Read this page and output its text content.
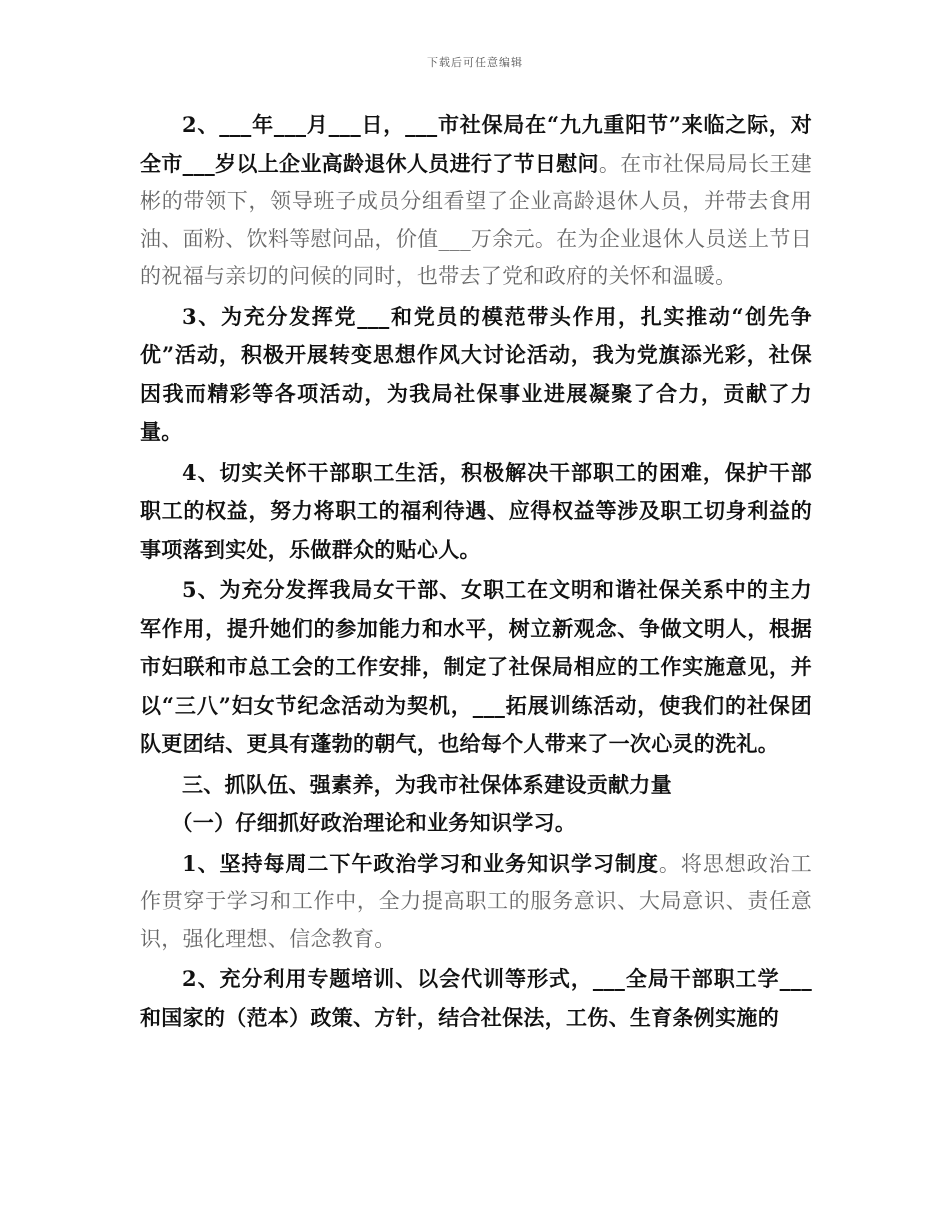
下载后可任意编辑

2、___年___月___日，___市社保局在“九九重阳节”来临之际，对全市___岁以上企业高龄退休人员进行了节日慰问。在市社保局局长王建彬的带领下，领导班子成员分组看望了企业高龄退休人员，并带去食用油、面粉、饮料等慰问品，价值___万余元。在为企业退休人员送上节日的祝福与亲切的问候的同时，也带去了党和政府的关怀和温暖。

3、为充分发挥党___和党员的模范带头作用，扎实推动“创先争优”活动，积极开展转变思想作风大讨论活动，我为党旗添光彩，社保因我而精彩等各项活动，为我局社保事业进展凝聚了合力，贡献了力量。

4、切实关怀干部职工生活，积极解决干部职工的困难，保护干部职工的权益，努力将职工的福利待遇、应得权益等涉及职工切身利益的事项落到实处，乐做群众的贴心人。

5、为充分发挥我局女干部、女职工在文明和谐社保关系中的主力军作用，提升她们的参加能力和水平，树立新观念、争做文明人，根据市妇联和市总工会的工作安排，制定了社保局相应的工作实施意见，并以“三八”妇女节纪念活动为契机，___拓展训练活动，使我们的社保团队更团结、更具有蓬勃的朝气，也给每个人带来了一次心灵的洗礼。

三、抓队伍、强素养，为我市社保体系建设贡献力量

（一）仔细抓好政治理论和业务知识学习。

1、坚持每周二下午政治学习和业务知识学习制度。将思想政治工作贯穿于学习和工作中，全力提高职工的服务意识、大局意识、责任意识，强化理想、信念教育。

2、充分利用专题培训、以会代训等形式，___全局干部职工学___和国家的（范本）政策、方针，结合社保法，工伤、生育条例实施的
